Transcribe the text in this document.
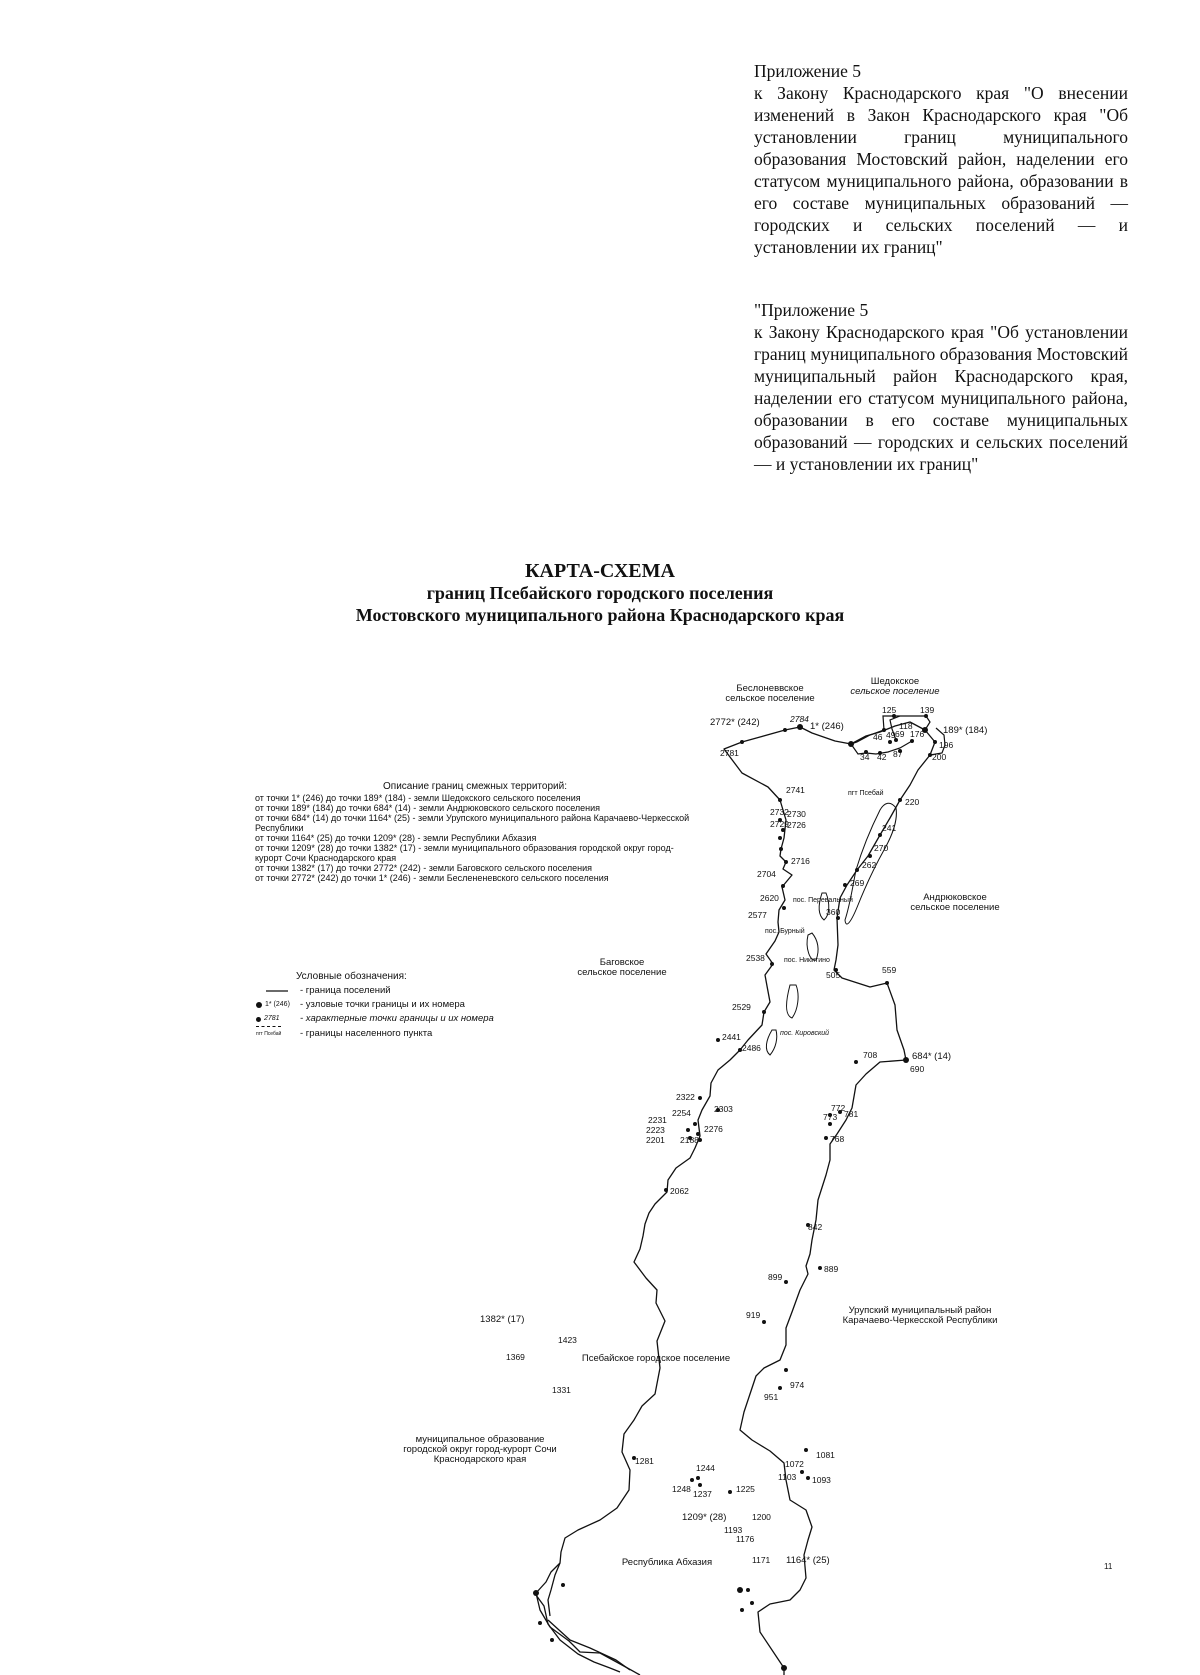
Приложение 5
к Закону Краснодарского края "О внесении изменений в Закон Краснодарского края "Об установлении границ муниципального образования Мостовский район, наделении его статусом муниципального района, образовании в его составе муниципальных образований — городских и сельских поселений — и установлении их границ"
"Приложение 5
к Закону Краснодарского края "Об установлении границ муниципального образования Мостовский муниципальный район Краснодарского края, наделении его статусом муниципального района, образовании в его составе муниципальных образований — городских и сельских поселений — и установлении их границ"
КАРТА-СХЕМА
границ Псебайского городского поселения
Мостовского муниципального района Краснодарского края
Описание границ смежных территорий:
от точки 1* (246) до точки 189* (184) - земли Шедокского сельского поселения
от точки 189* (184) до точки 684* (14) - земли Андрюковского сельского поселения
от точки 684* (14) до точки 1164* (25) - земли Урупского муниципального района Карачаево-Черкесской Республики
от точки 1164* (25) до точки 1209* (28) - земли Республики Абхазия
от точки 1209* (28) до точки 1382* (17) - земли муниципального образования городской округ город-курорт Сочи Краснодарского края
от точки 1382* (17) до точки 2772* (242) - земли Баговского сельского поселения
от точки 2772* (242) до точки 1* (246) - земли Беслененевского сельского поселения
Условные обозначения:
- граница поселений
1* (246) - узловые точки границы и их номера
2781 - характерные точки границы и их номера
пгт Псебай - границы населенного пункта
2772* (242)	2784
1* (246)
125	139
118
46 49 69 176 189* (184)
196
200
34 42 87
2781
2741
220
2732
2730
2729
2726	241
270
2716	262
2704
269
2620
360
2577
2538
505	559
2529
2441
2486
708	684* (14)
690
2322
2303
2254
2231
2223	2276
2201 2188
772
773 781
768
2062
842
899
889
919
1382* (17)
1423
1369
974
951
1331
1281
1081
1072
1103 1093
1244
1248 1237	1225
1209* (28)	1200
1193
1176
1171 1164* (25)
пгт Псебай
пос. Перевальный
пос. Бурный
пос. Никитино
пос. Кировский
Беслоневвское
сельское поселение
Шедокское
сельское поселение
Андрюковское
сельское поселение
Баговское
сельское поселение
Урупский муниципальный район
Карачаево-Черкесской Республики
Псебайское городское поселение
муниципальное образование
городской округ город-курорт Сочи
Краснодарского края
Республика Абхазия	11
